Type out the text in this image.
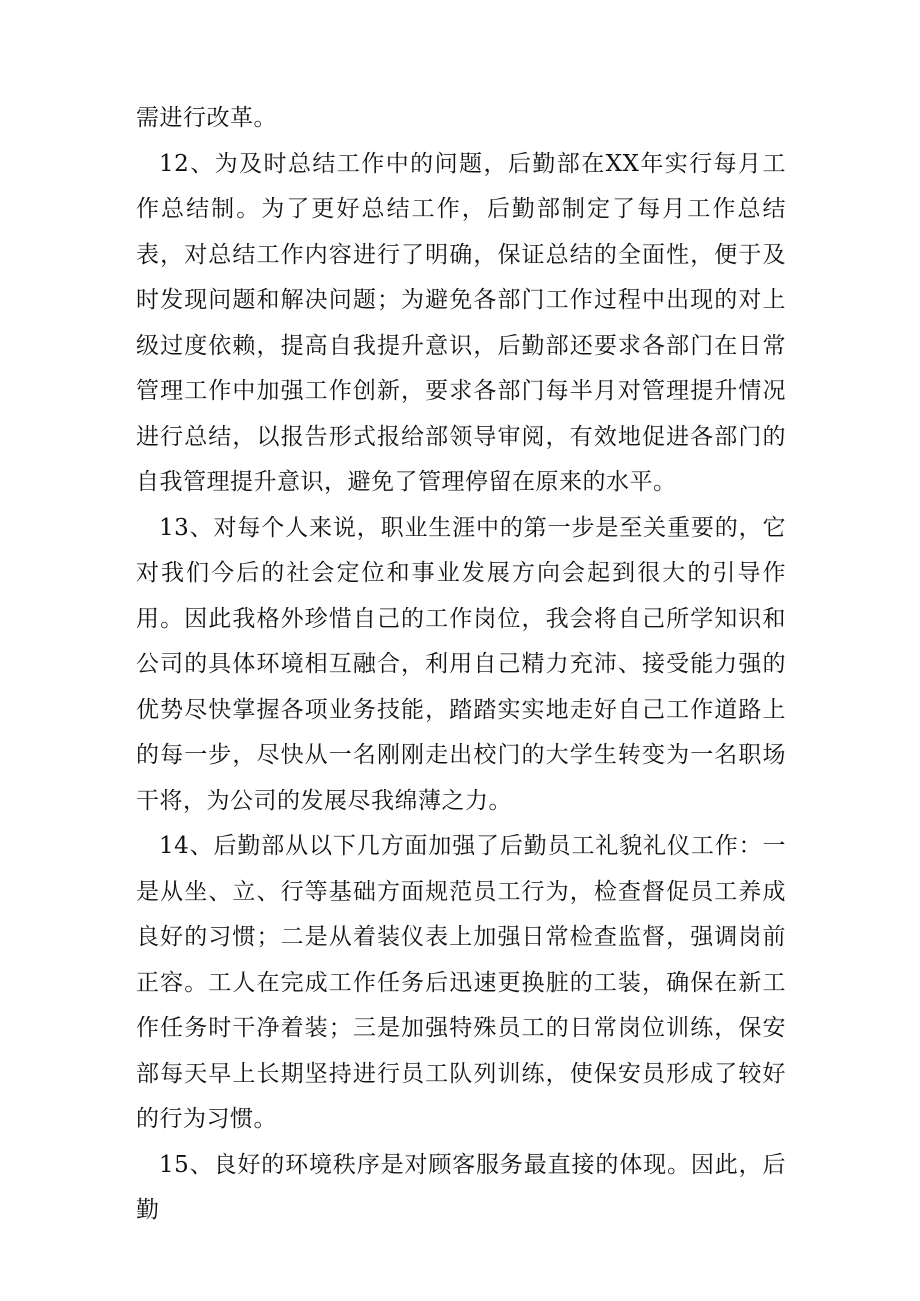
需进行改革。

12、为及时总结工作中的问题，后勤部在XX年实行每月工作总结制。为了更好总结工作，后勤部制定了每月工作总结表，对总结工作内容进行了明确，保证总结的全面性，便于及时发现问题和解决问题；为避免各部门工作过程中出现的对上级过度依赖，提高自我提升意识，后勤部还要求各部门在日常管理工作中加强工作创新，要求各部门每半月对管理提升情况进行总结，以报告形式报给部领导审阅，有效地促进各部门的自我管理提升意识，避免了管理停留在原来的水平。

13、对每个人来说，职业生涯中的第一步是至关重要的，它对我们今后的社会定位和事业发展方向会起到很大的引导作用。因此我格外珍惜自己的工作岗位，我会将自己所学知识和公司的具体环境相互融合，利用自己精力充沛、接受能力强的优势尽快掌握各项业务技能，踏踏实实地走好自己工作道路上的每一步，尽快从一名刚刚走出校门的大学生转变为一名职场干将，为公司的发展尽我绵薄之力。

14、后勤部从以下几方面加强了后勤员工礼貌礼仪工作：一是从坐、立、行等基础方面规范员工行为，检查督促员工养成良好的习惯；二是从着装仪表上加强日常检查监督，强调岗前正容。工人在完成工作任务后迅速更换脏的工装，确保在新工作任务时干净着装；三是加强特殊员工的日常岗位训练，保安部每天早上长期坚持进行员工队列训练，使保安员形成了较好的行为习惯。

15、良好的环境秩序是对顾客服务最直接的体现。因此，后勤
